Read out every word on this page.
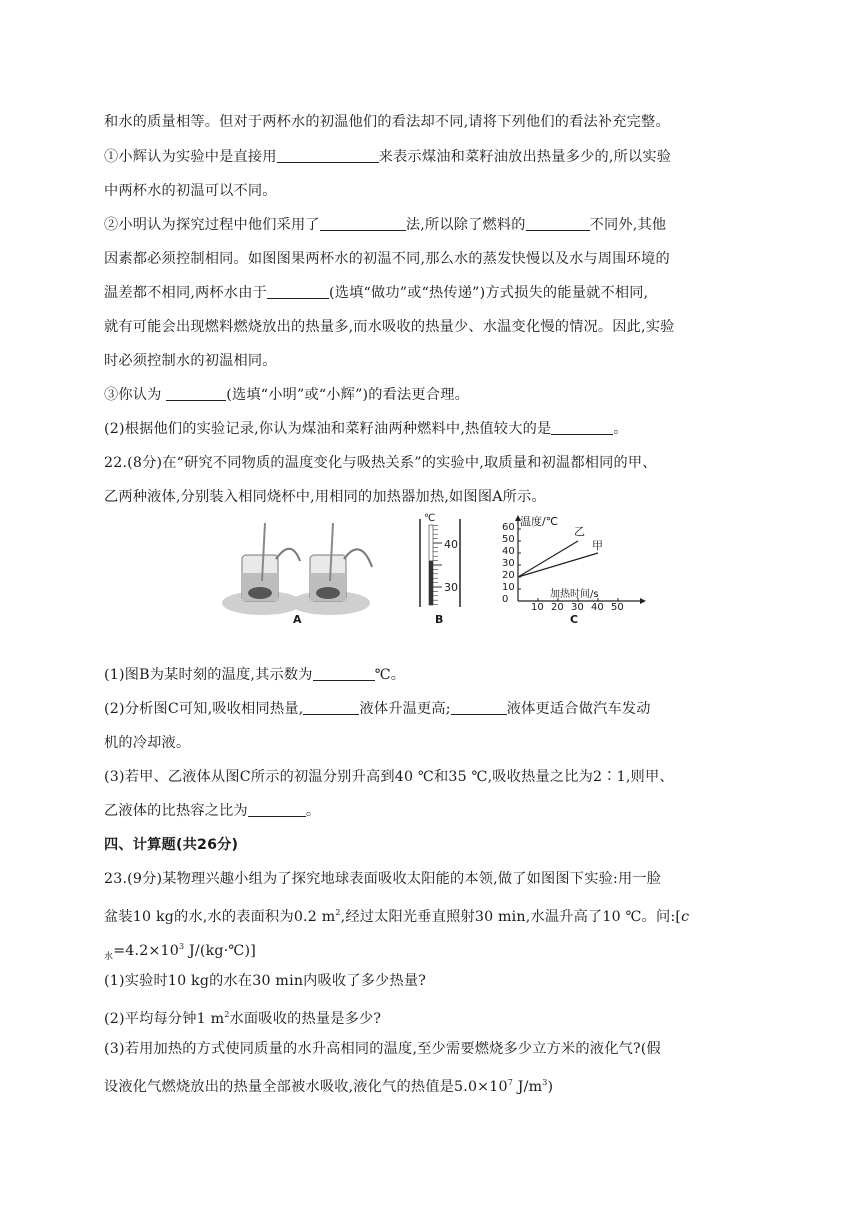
和水的质量相等。但对于两杯水的初温他们的看法却不同,请将下列他们的看法补充完整。
①小辉认为实验中是直接用	来表示煤油和菜籽油放出热量多少的,所以实验
中两杯水的初温可以不同。
②小明认为探究过程中他们采用了	法,所以除了燃料的	不同外,其他
因素都必须控制相同。如图图果两杯水的初温不同,那么水的蒸发快慢以及水与周围环境的
温差都不相同,两杯水由于	(选填“做功”或“热传递”)方式损失的能量就不相同,
就有可能会出现燃料燃烧放出的热量多,而水吸收的热量少、水温变化慢的情况。因此,实验
时必须控制水的初温相同。
③你认为	(选填“小明”或“小辉”)的看法更合理。
(2)根据他们的实验记录,你认为煤油和菜籽油两种燃料中,热值较大的是	。
22.(8分)在“研究不同物质的温度变化与吸热关系”的实验中,取质量和初温都相同的甲、
乙两种液体,分别装入相同烧杯中,用相同的加热器加热,如图图A所示。
A	B	C
℃
40
30
温度/℃
加热时间/s
60
50
40
30
20
10
0
10 20 30 40 50
乙
甲
(1)图B为某时刻的温度,其示数为	℃。
(2)分析图C可知,吸收相同热量,	液体升温更高;	液体更适合做汽车发动
机的冷却液。
(3)若甲、乙液体从图C所示的初温分别升高到40 ℃和35 ℃,吸收热量之比为2∶1,则甲、
乙液体的比热容之比为	。
四、计算题(共26分)
23.(9分)某物理兴趣小组为了探究地球表面吸收太阳能的本领,做了如图图下实验:用一脸
盆装10 kg的水,水的表面积为0.2 $m^2$,经过太阳光垂直照射30 min,水温升高了10 ℃。问:[c
$_水=4.2\times 10^3$ J/(kg·℃)]
(1)实验时10 kg的水在30 min内吸收了多少热量?
(2)平均每分钟1 $m^2$水面吸收的热量是多少?
(3)若用加热的方式使同质量的水升高相同的温度,至少需要燃烧多少立方米的液化气?(假
设液化气燃烧放出的热量全部被水吸收,液化气的热值是$5.0\times 10^7$ $J/m^3$)
